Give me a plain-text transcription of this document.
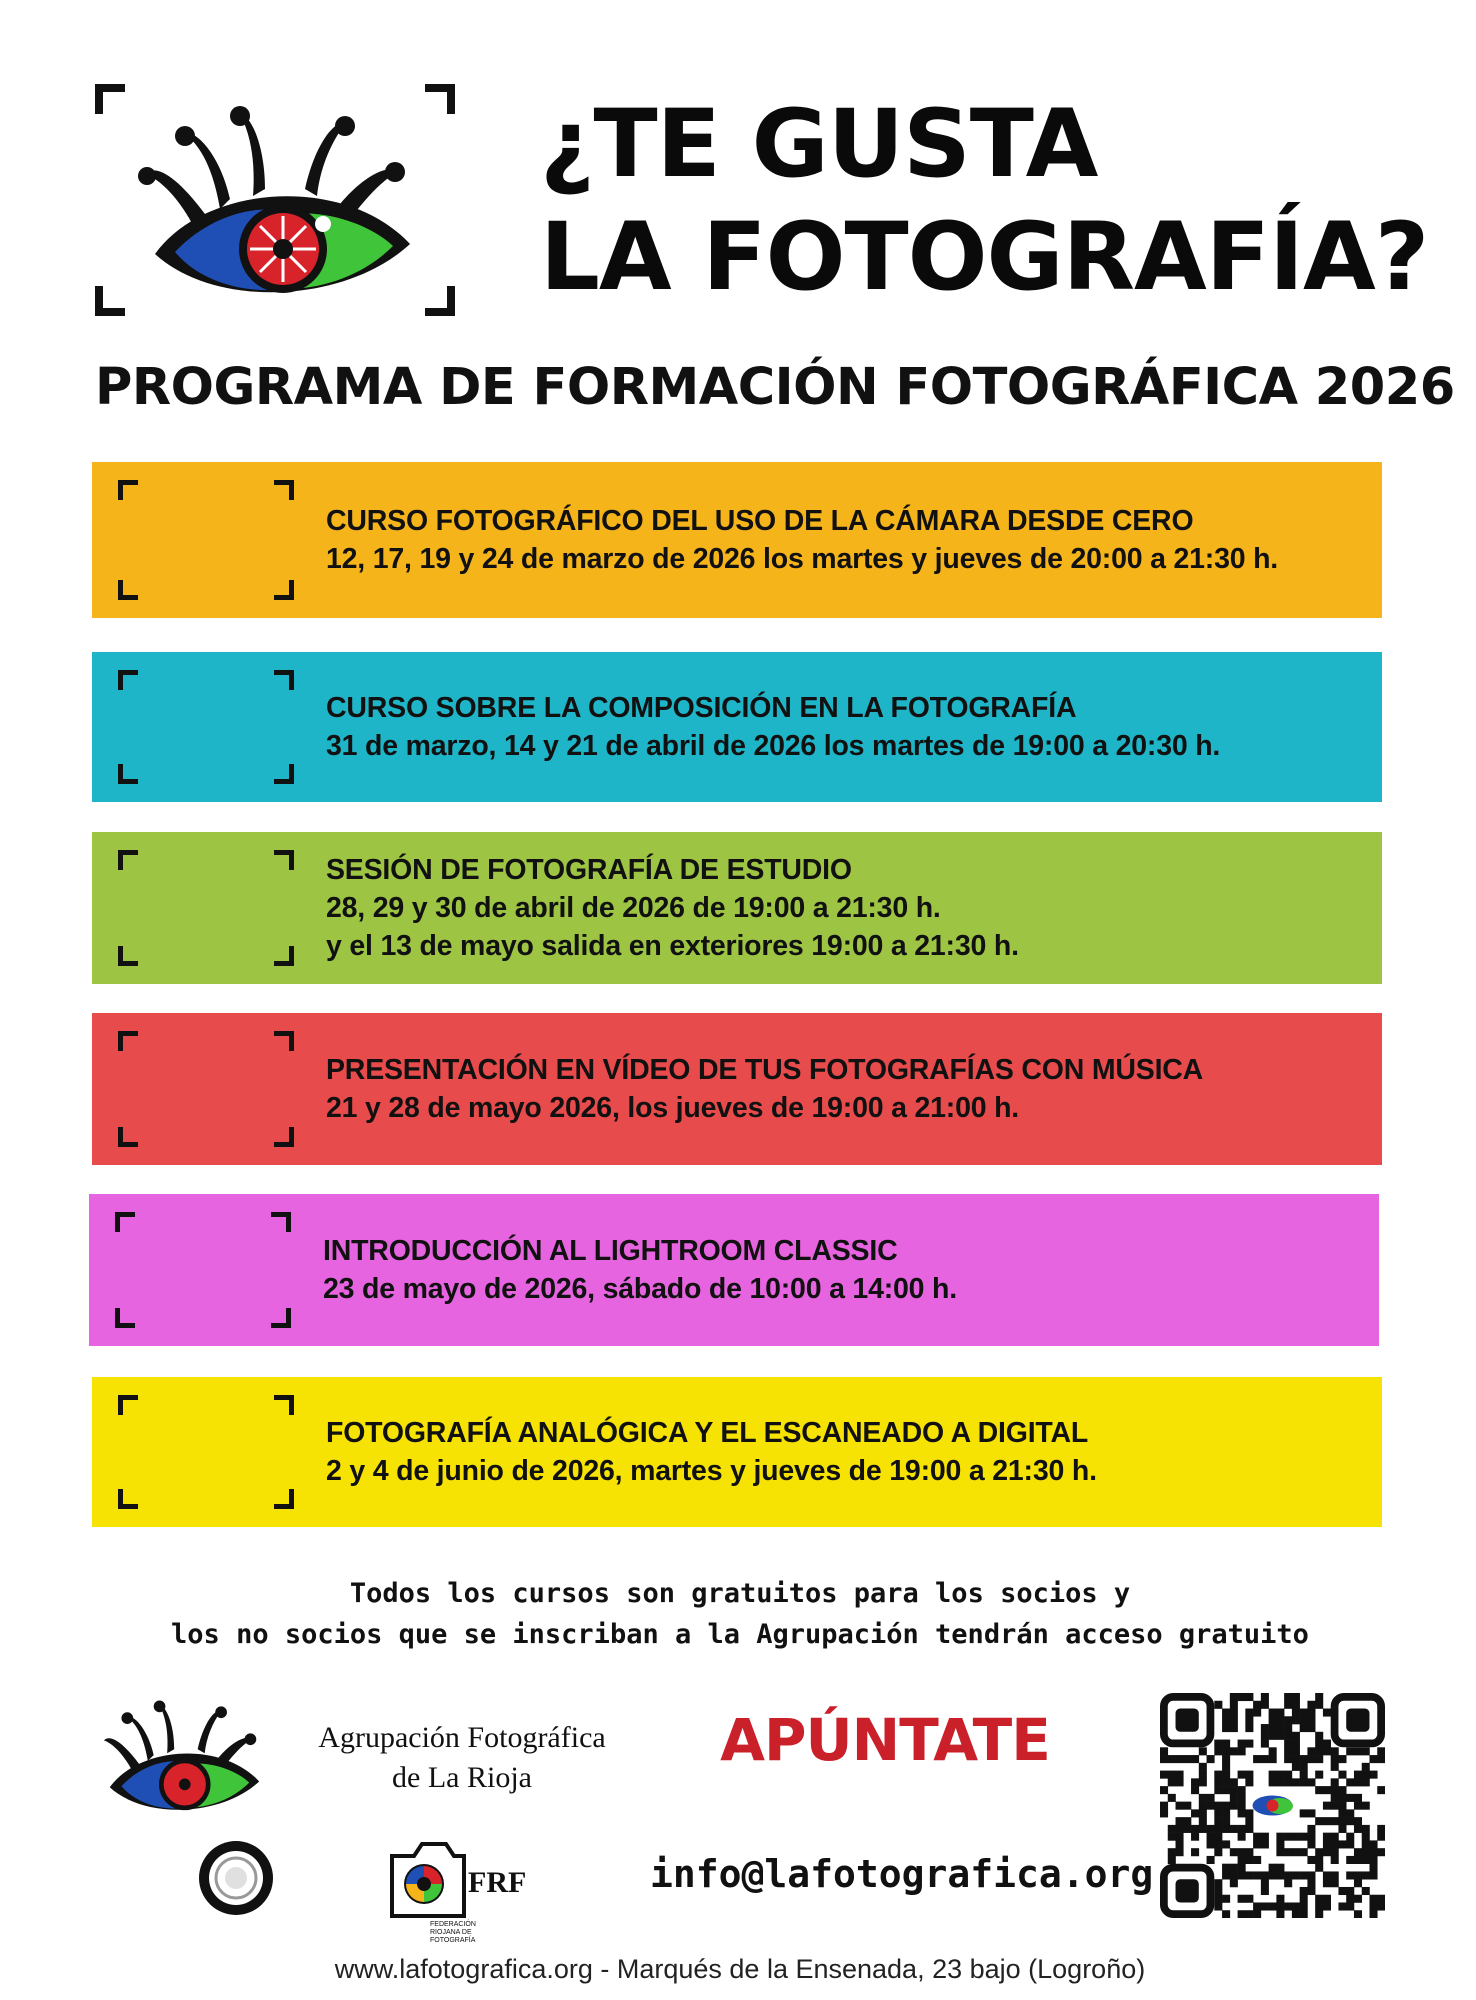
¿TE GUSTA
LA FOTOGRAFÍA?
PROGRAMA DE FORMACIÓN FOTOGRÁFICA 2026
CURSO FOTOGRÁFICO DEL USO DE LA CÁMARA DESDE CERO
12, 17, 19 y 24 de marzo de 2026 los martes y jueves de 20:00 a 21:30 h.
CURSO SOBRE LA COMPOSICIÓN EN LA FOTOGRAFÍA
31 de marzo, 14 y 21 de abril de 2026 los martes de 19:00 a 20:30 h.
SESIÓN DE FOTOGRAFÍA DE ESTUDIO
28, 29 y 30 de abril de 2026 de 19:00 a 21:30 h.
y el 13 de mayo salida en exteriores 19:00 a 21:30 h.
PRESENTACIÓN EN VÍDEO DE TUS FOTOGRAFÍAS CON MÚSICA
21 y 28 de mayo 2026, los jueves de 19:00 a 21:00 h.
INTRODUCCIÓN AL LIGHTROOM CLASSIC
23 de mayo de 2026, sábado de 10:00 a 14:00 h.
FOTOGRAFÍA ANALÓGICA Y EL ESCANEADO A DIGITAL
2 y 4 de junio de 2026, martes y jueves de 19:00 a 21:30 h.
Todos los cursos son gratuitos para los socios y
los no socios que se inscriban a la Agrupación tendrán acceso gratuito
Agrupación Fotográfica
de La Rioja
APÚNTATE
FRF
FEDERACIÓN
RIOJANA DE
FOTOGRAFÍA
info@lafotografica.org
www.lafotografica.org - Marqués de la Ensenada, 23 bajo (Logroño)
